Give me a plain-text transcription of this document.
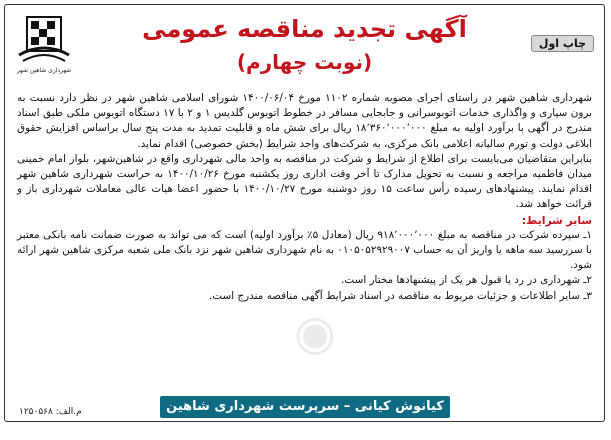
شهرداری شاهین شهر
چاپ اول
آگهی تجدید مناقصه عمومی
(نوبت چهارم)
◉

شهرداری شاهین شهر در راستای اجرای مصوبه شماره ۱۱۰۲ مورخ ۱۴۰۰/۰۶/۰۴ شورای اسلامی شاهین شهر در نظر دارد نسبت به برون سپاری و واگذاری خدمات اتوبوسرانی و جابجایی مسافر در خطوط اتوبوس گلدیس ۱ و ۲ با ۱۷ دستگاه اتوبوس ملکی طبق اسناد مندرج در آگهی با برآورد اولیه به مبلغ ۱۸٬۳۶۰٬۰۰۰٬۰۰۰ ریال برای شش ماه و قابلیت تمدید به مدت پنج سال براساس افزایش حقوق ابلاغی دولت و تورم سالیانه اعلامی بانک مرکزی، به شرکت‌های واجد شرایط (بخش خصوصی) اقدام نماید.

بنابراین متقاضیان می‌بایست برای اطلاع از شرایط و شرکت در مناقصه به واحد مالی شهرداری واقع در شاهین‌شهر، بلوار امام خمینی میدان فاطمیه مراجعه و نسبت به تحویل مدارک تا آخر وقت اداری روز یکشنبه مورخ ۱۴۰۰/۱۰/۲۶ به حراست شهرداری شاهین شهر اقدام نمایند. پیشنهادهای رسیده رأس ساعت ۱۵ روز دوشنبه مورخ ۱۴۰۰/۱۰/۲۷ با حضور اعضا هیات عالی معاملات شهرداری باز و قرائت خواهد شد.

سایر شرایط:

۱ـ سپرده شرکت در مناقصه به مبلغ ۹۱۸٬۰۰۰٬۰۰۰ ریال (معادل ۵٪ برآورد اولیه) است که می تواند به صورت ضمانت نامه بانکی معتبر با سررسید سه ماهه یا واریز آن به حساب ۰۱۰۵۰۵۲۹۲۹۰۰۷ به نام شهرداری شاهین شهر نزد بانک ملی شعبه مرکزی شاهین شهر ارائه شود.

۲ـ شهرداری در رد یا قبول هر یک از پیشنهادها مختار است.

۳ـ سایر اطلاعات و جزئیات مربوط به مناقصه در اسناد شرایط آگهی مناقصه مندرج است.

م.الف: ۱۲۵۰۵۶۸	کیانوش کیانی – سرپرست شهرداری شاهین شهر
